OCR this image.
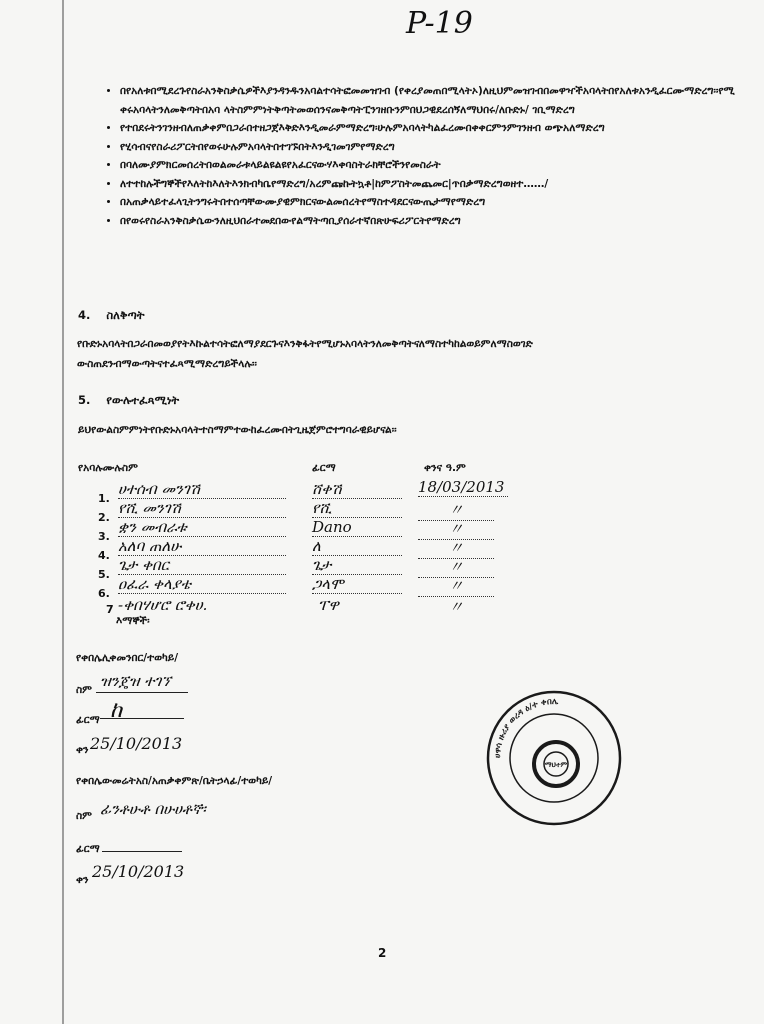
P-19
• በየአለቱበሚደረጉየስራአንቅስቃሴዎችእያንዳንዱንአባልተሳትፎመመዝገብ (የቀረያመጠበሚላትኦ)ለዚህምመዝገብበመዋዣችአባላትበየአለቱአንዲፈርሙማድረግ፡፡የሚቀሩአባላትንለመቅጣትበአባ ላትስምምነትቅጣትመወሰንናመቅጣትፒንገዘቡንምበህጋዊደረሰኝለማህበሩ/ለቡድኑ/ ገቢማድረግ
• የተበደሩትንገንዘብለጠቃቀምበጋራበተዘጋጀእቅድእንዲመራምማድረግ፡ሁሉምአባላትካልፈረሙበቀቀርምንምገንዘብ ወጭአለማድረግ
• የሂሳብናየስራሪፖርትበየወሩሁሉምአባላትበተገኙበትእንዲገመገምየማድረግ
• በባለሙያምክርመሰረትበወልመራቱላይልዩልዩየአፈርናውሃእቀባስትራክቸሮችንየመስራት
• ለተተከሉችግኞችየእለትከእለትእንክብካቤየማድረግ/አረምጩኩትኳቶ|ከምፖስትመጨመር|ጥበቃማድረግወዘተ……/
• በአጠቃላይተፈላጊትንግሩትበተሰጣቸውሙያዊምክርናውልመሰረትየማስተዳደርናውጤታማየማድረግ
• በየወሩየስራአንቅስቃሴውንለዚህበራተመደበውየልማትጣቢያሰራተኛበጽሁፍሪፖርትየማድረግ
4. ስለቅጣት
የቡድኑአባላትበጋራበመወያየትእኩልተሳትፎለማያደርጉናእንቅፋትየሚሆኑአባላትንለመቅጣትናለማስተካከልወይምለማስወገድ ውስጠደንብማውጣትናተፈጻሚማድረግይችላሉ፡፡
5. የውሉተፈጻሚነት
ይህየውልስምምነትየቡድኑአባላትተስማምተውከፈረሙበትጊዜጀምሮተግባራዊይሆናል፡፡
የአባሉሙሉስም	ፊርማ	ቀንና ዓ.ም
1.
ሀተሰብ መንገሽ	ሸቀሽ	18/03/2013
2.
የሺ መንገሽ	የሺ	〃
3.
ቋን መብራቱ	Dano	〃
4.
አለባ ጠለሁ	ለ	〃
5.
ጌታ ቀበር	ጌታ	〃
6.
ዐፈራ ቀላያቴ	ጋላሞ	〃
7 -ቀበሃሆሮ ሮቀሀ.	ፐዋ	〃
እማኞች፡
የቀበሌሊቀመንበር/ተወካይ/
ስም ዝንጄዝ ተገኘ
ፊርማ ከ
ቀን 25/10/2013
የቀበሌውመሬትአስ/አጠቃቀምጽ/ቤትኃላፊ/ተወካይ/
ስም ፊንቶሁቶ በሁሀቶኞ፡
ፊርማ
ቀን 25/10/2013
ሀዋሳ ዙሪያ ወረዳ ዕ/ተ ቀበሌ
ማህተም
2
